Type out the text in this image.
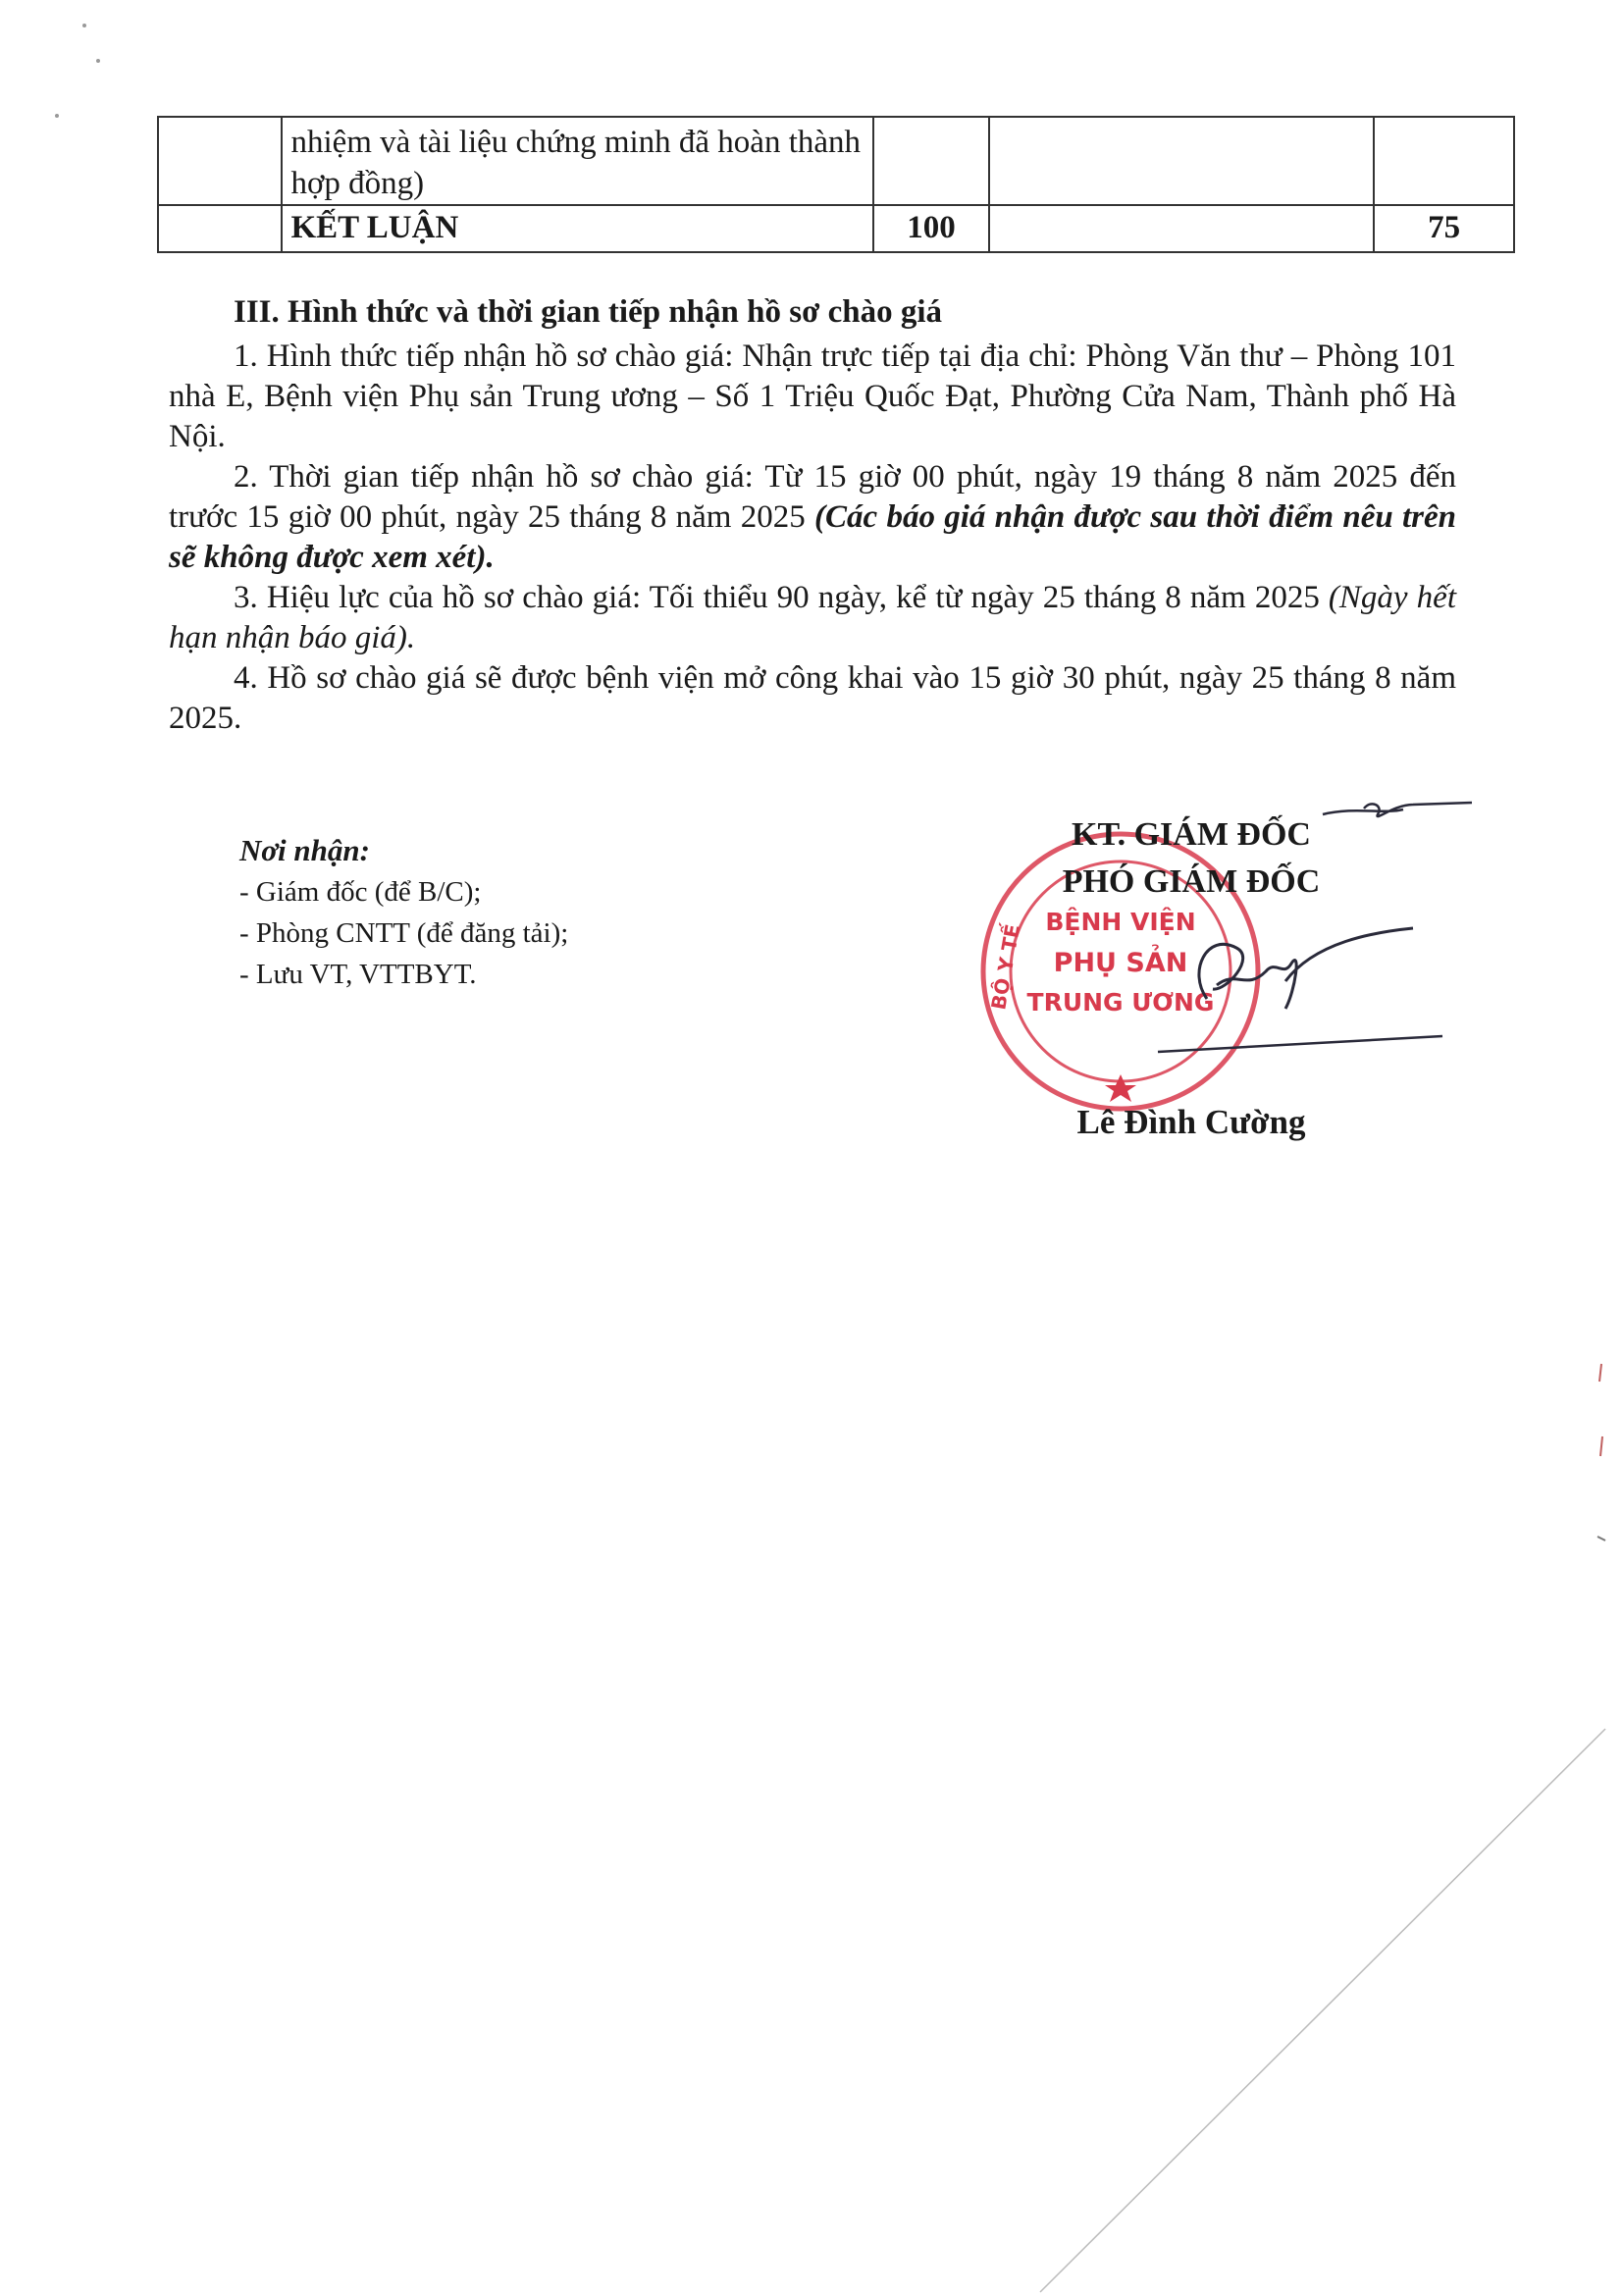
	nhiệm và tài liệu chứng minh đã hoàn thành hợp đồng)			
	KẾT LUẬN	100		75
III. Hình thức và thời gian tiếp nhận hồ sơ chào giá

1. Hình thức tiếp nhận hồ sơ chào giá: Nhận trực tiếp tại địa chỉ: Phòng Văn thư – Phòng 101 nhà E, Bệnh viện Phụ sản Trung ương – Số 1 Triệu Quốc Đạt, Phường Cửa Nam, Thành phố Hà Nội.

2. Thời gian tiếp nhận hồ sơ chào giá: Từ 15 giờ 00 phút, ngày 19 tháng 8 năm 2025 đến trước 15 giờ 00 phút, ngày 25 tháng 8 năm 2025 (Các báo giá nhận được sau thời điểm nêu trên sẽ không được xem xét).

3. Hiệu lực của hồ sơ chào giá: Tối thiểu 90 ngày, kể từ ngày 25 tháng 8 năm 2025 (Ngày hết hạn nhận báo giá).

4. Hồ sơ chào giá sẽ được bệnh viện mở công khai vào 15 giờ 30 phút, ngày 25 tháng 8 năm 2025.

Nơi nhận:
- Giám đốc (để B/C);
- Phòng CNTT (để đăng tải);
- Lưu VT, VTTBYT.
BỆNH VIỆN
PHỤ SẢN
TRUNG ƯƠNG
BỘ Y TẾ
KT. GIÁM ĐỐC
PHÓ GIÁM ĐỐC
Lê Đình Cường
